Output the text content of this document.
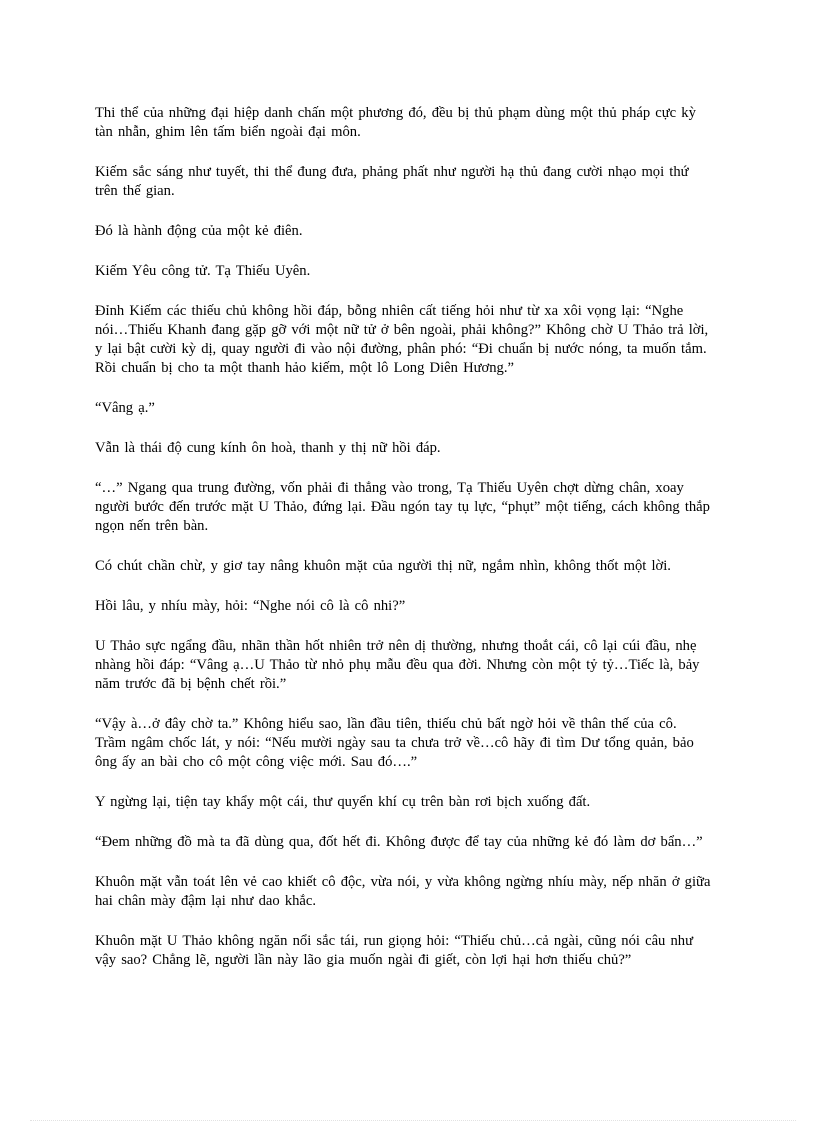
Thi thể của những đại hiệp danh chấn một phương đó, đều bị thủ phạm dùng một thủ pháp cực kỳ tàn nhẫn, ghim lên tấm biển ngoài đại môn.

Kiếm sắc sáng như tuyết, thi thể đung đưa, phảng phất như người hạ thủ đang cười nhạo mọi thứ trên thế gian.

Đó là hành động của một kẻ điên.

Kiếm Yêu công tử. Tạ Thiếu Uyên.

Đỉnh Kiếm các thiếu chủ không hồi đáp, bỗng nhiên cất tiếng hỏi như từ xa xôi vọng lại: “Nghe nói…Thiếu Khanh đang gặp gỡ với một nữ tử ở bên ngoài, phải không?” Không chờ U Thảo trả lời, y lại bật cười kỳ dị, quay người đi vào nội đường, phân phó: “Đi chuẩn bị nước nóng, ta muốn tắm. Rồi chuẩn bị cho ta một thanh hảo kiếm, một lô Long Diên Hương.”

“Vâng ạ.”

Vẫn là thái độ cung kính ôn hoà, thanh y thị nữ hồi đáp.

“…” Ngang qua trung đường, vốn phải đi thẳng vào trong, Tạ Thiếu Uyên chợt dừng chân, xoay người bước đến trước mặt U Thảo, đứng lại. Đầu ngón tay tụ lực, “phụt” một tiếng, cách không thắp ngọn nến trên bàn.

Có chút chần chừ, y giơ tay nâng khuôn mặt của người thị nữ, ngắm nhìn, không thốt một lời.

Hồi lâu, y nhíu mày, hỏi: “Nghe nói cô là cô nhi?”

U Thảo sực ngẩng đầu, nhãn thần hốt nhiên trở nên dị thường, nhưng thoắt cái, cô lại cúi đầu, nhẹ nhàng hồi đáp: “Vâng ạ…U Thảo từ nhỏ phụ mẫu đều qua đời. Nhưng còn một tỷ tỷ…Tiếc là, bảy năm trước đã bị bệnh chết rồi.”

“Vậy à…ở đây chờ ta.” Không hiểu sao, lần đầu tiên, thiếu chủ bất ngờ hỏi về thân thế của cô. Trầm ngâm chốc lát, y nói: “Nếu mười ngày sau ta chưa trở về…cô hãy đi tìm Dư tổng quản, bảo ông ấy an bài cho cô một công việc mới. Sau đó….”

Y ngừng lại, tiện tay khẩy một cái, thư quyển khí cụ trên bàn rơi bịch xuống đất.

“Đem những đồ mà ta đã dùng qua, đốt hết đi. Không được để tay của những kẻ đó làm dơ bẩn…”

Khuôn mặt vẫn toát lên vẻ cao khiết cô độc, vừa nói, y vừa không ngừng nhíu mày, nếp nhăn ở giữa hai chân mày đậm lại như dao khắc.

Khuôn mặt U Thảo không ngăn nổi sắc tái, run giọng hỏi: “Thiếu chủ…cả ngài, cũng nói câu như vậy sao? Chẳng lẽ, người lần này lão gia muốn ngài đi giết, còn lợi hại hơn thiếu chủ?”
